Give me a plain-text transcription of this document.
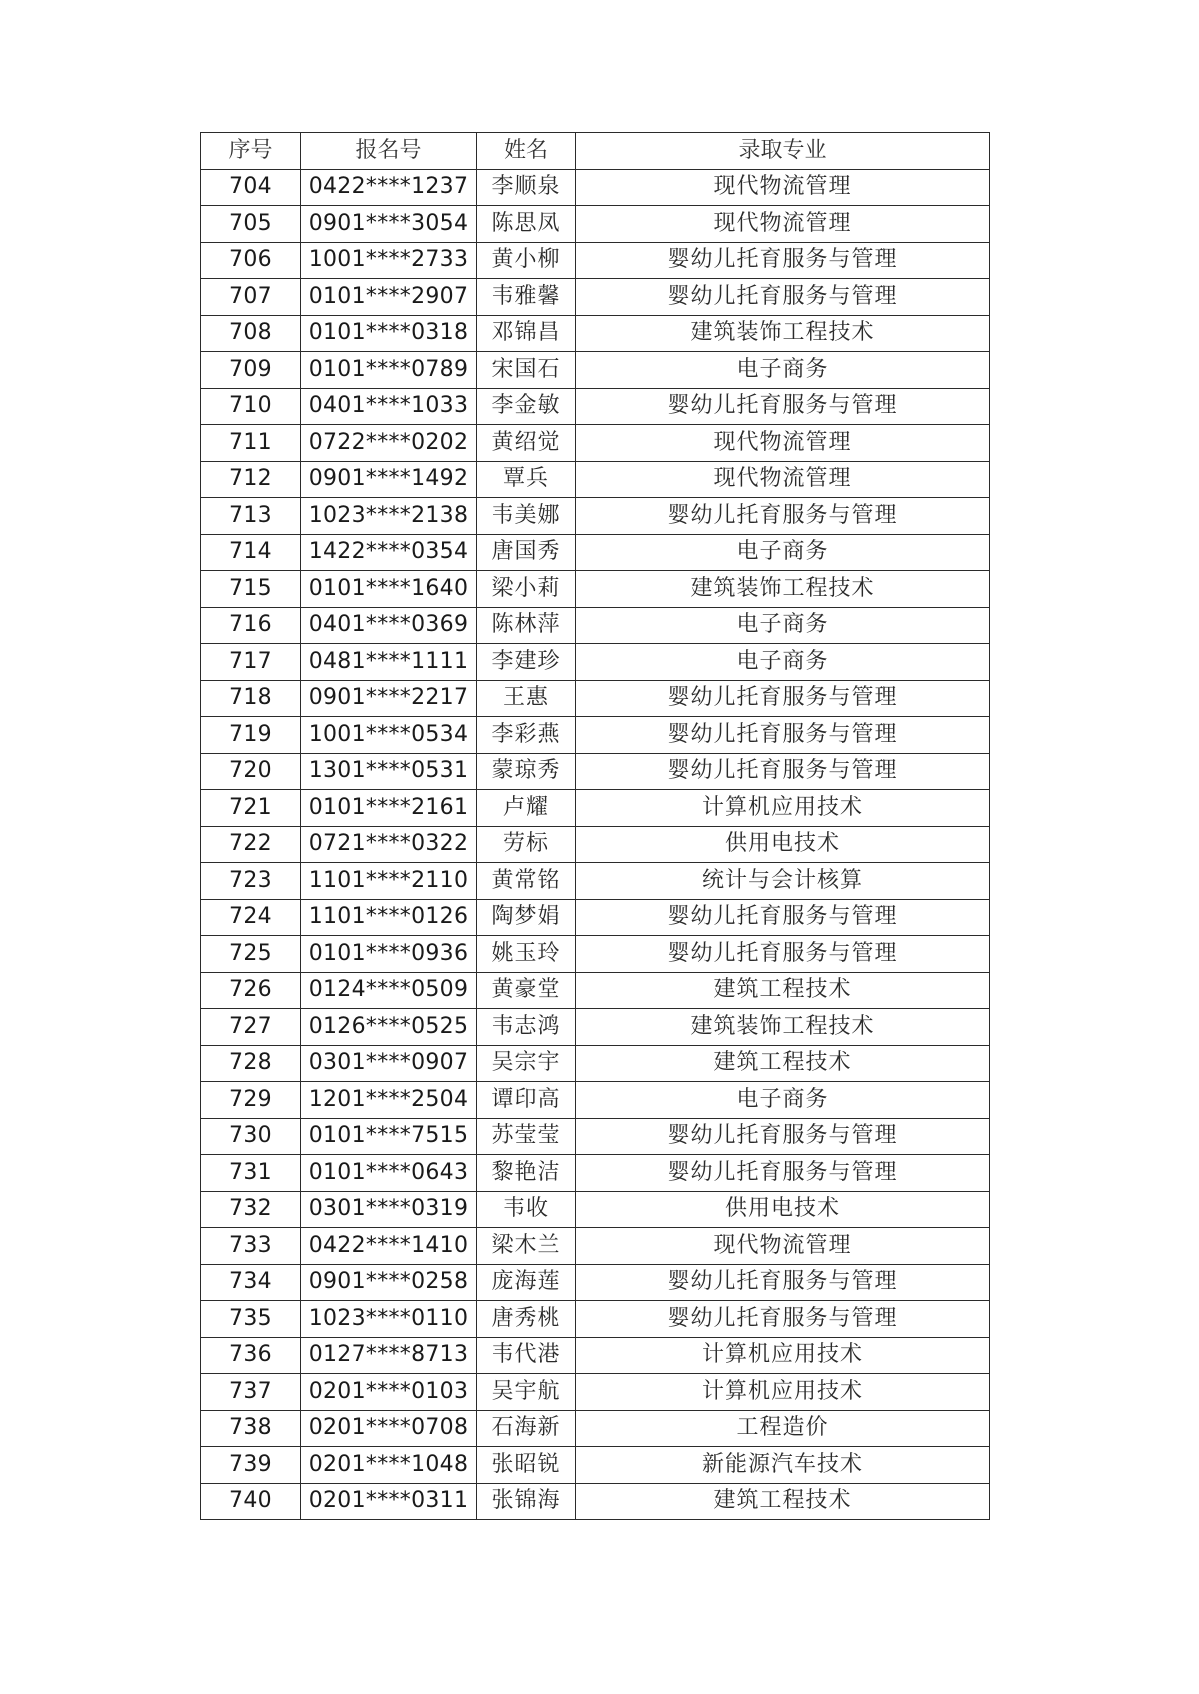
序号	报名号	姓名	录取专业
704	0422****1237	李顺泉	现代物流管理
705	0901****3054	陈思凤	现代物流管理
706	1001****2733	黄小柳	婴幼儿托育服务与管理
707	0101****2907	韦雅馨	婴幼儿托育服务与管理
708	0101****0318	邓锦昌	建筑装饰工程技术
709	0101****0789	宋国石	电子商务
710	0401****1033	李金敏	婴幼儿托育服务与管理
711	0722****0202	黄绍觉	现代物流管理
712	0901****1492	覃兵	现代物流管理
713	1023****2138	韦美娜	婴幼儿托育服务与管理
714	1422****0354	唐国秀	电子商务
715	0101****1640	梁小莉	建筑装饰工程技术
716	0401****0369	陈林萍	电子商务
717	0481****1111	李建珍	电子商务
718	0901****2217	王惠	婴幼儿托育服务与管理
719	1001****0534	李彩燕	婴幼儿托育服务与管理
720	1301****0531	蒙琼秀	婴幼儿托育服务与管理
721	0101****2161	卢耀	计算机应用技术
722	0721****0322	劳标	供用电技术
723	1101****2110	黄常铭	统计与会计核算
724	1101****0126	陶梦娟	婴幼儿托育服务与管理
725	0101****0936	姚玉玲	婴幼儿托育服务与管理
726	0124****0509	黄豪堂	建筑工程技术
727	0126****0525	韦志鸿	建筑装饰工程技术
728	0301****0907	吴宗宇	建筑工程技术
729	1201****2504	谭印高	电子商务
730	0101****7515	苏莹莹	婴幼儿托育服务与管理
731	0101****0643	黎艳洁	婴幼儿托育服务与管理
732	0301****0319	韦收	供用电技术
733	0422****1410	梁木兰	现代物流管理
734	0901****0258	庞海莲	婴幼儿托育服务与管理
735	1023****0110	唐秀桃	婴幼儿托育服务与管理
736	0127****8713	韦代港	计算机应用技术
737	0201****0103	吴宇航	计算机应用技术
738	0201****0708	石海新	工程造价
739	0201****1048	张昭锐	新能源汽车技术
740	0201****0311	张锦海	建筑工程技术
